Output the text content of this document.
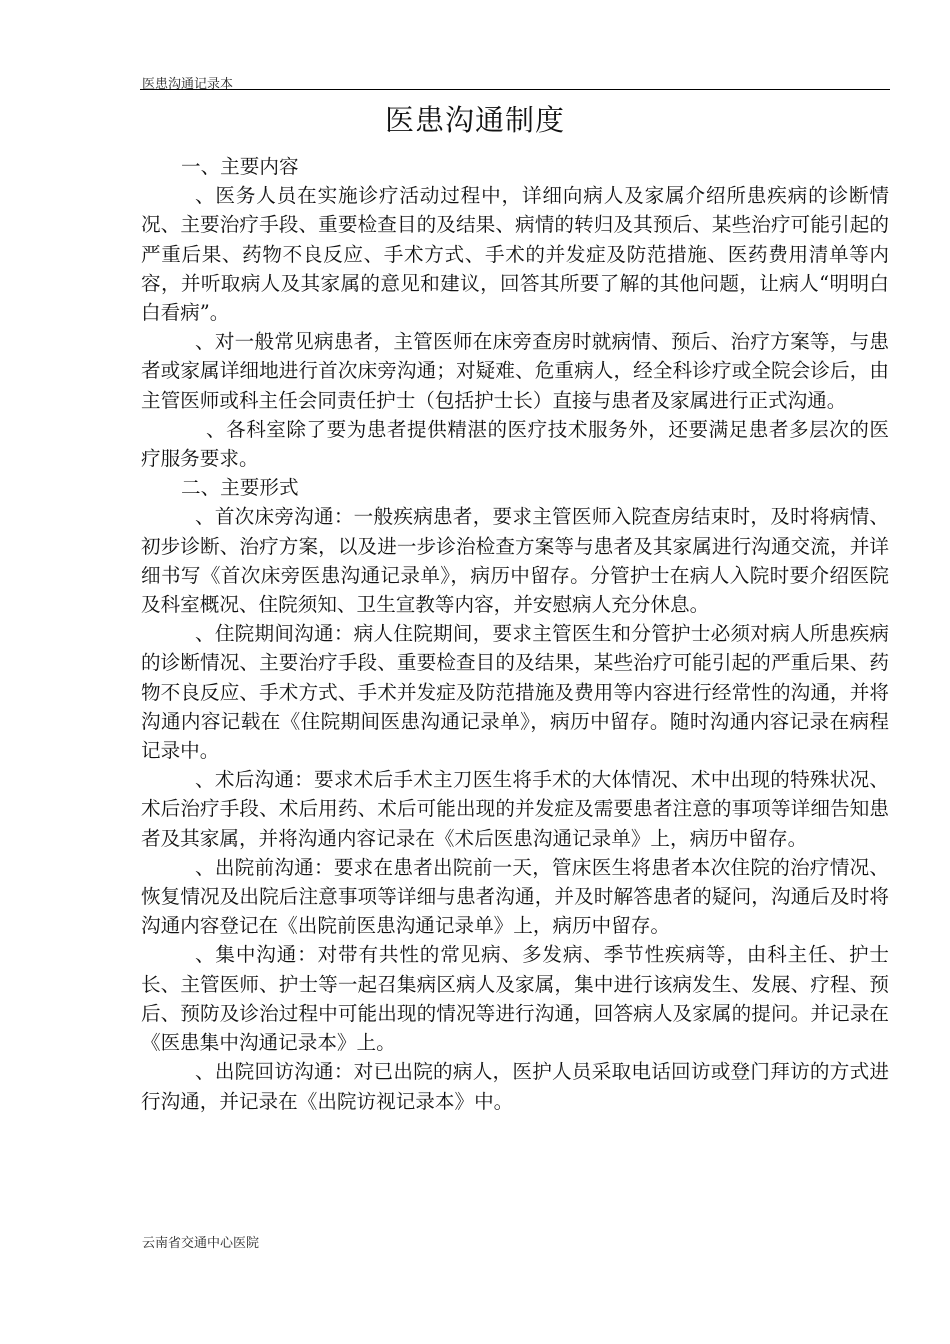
医患沟通记录本
医患沟通制度

一、主要内容

、医务人员在实施诊疗活动过程中，详细向病人及家属介绍所患疾病的诊断情况、主要治疗手段、重要检查目的及结果、病情的转归及其预后、某些治疗可能引起的严重后果、药物不良反应、手术方式、手术的并发症及防范措施、医药费用清单等内容，并听取病人及其家属的意见和建议，回答其所要了解的其他问题，让病人“明明白白看病”。

、对一般常见病患者，主管医师在床旁查房时就病情、预后、治疗方案等，与患者或家属详细地进行首次床旁沟通；对疑难、危重病人，经全科诊疗或全院会诊后，由主管医师或科主任会同责任护士（包括护士长）直接与患者及家属进行正式沟通。

、各科室除了要为患者提供精湛的医疗技术服务外，还要满足患者多层次的医疗服务要求。

二、主要形式

、首次床旁沟通：一般疾病患者，要求主管医师入院查房结束时，及时将病情、初步诊断、治疗方案，以及进一步诊治检查方案等与患者及其家属进行沟通交流，并详细书写《首次床旁医患沟通记录单》，病历中留存。分管护士在病人入院时要介绍医院及科室概况、住院须知、卫生宣教等内容，并安慰病人充分休息。

、住院期间沟通：病人住院期间，要求主管医生和分管护士必须对病人所患疾病的诊断情况、主要治疗手段、重要检查目的及结果，某些治疗可能引起的严重后果、药物不良反应、手术方式、手术并发症及防范措施及费用等内容进行经常性的沟通，并将沟通内容记载在《住院期间医患沟通记录单》，病历中留存。随时沟通内容记录在病程记录中。

、术后沟通：要求术后手术主刀医生将手术的大体情况、术中出现的特殊状况、术后治疗手段、术后用药、术后可能出现的并发症及需要患者注意的事项等详细告知患者及其家属，并将沟通内容记录在《术后医患沟通记录单》上，病历中留存。

、出院前沟通：要求在患者出院前一天，管床医生将患者本次住院的治疗情况、恢复情况及出院后注意事项等详细与患者沟通，并及时解答患者的疑问，沟通后及时将沟通内容登记在《出院前医患沟通记录单》上，病历中留存。

、集中沟通：对带有共性的常见病、多发病、季节性疾病等，由科主任、护士长、主管医师、护士等一起召集病区病人及家属，集中进行该病发生、发展、疗程、预后、预防及诊治过程中可能出现的情况等进行沟通，回答病人及家属的提问。并记录在《医患集中沟通记录本》上。

、出院回访沟通：对已出院的病人，医护人员采取电话回访或登门拜访的方式进行沟通，并记录在《出院访视记录本》中。

云南省交通中心医院
